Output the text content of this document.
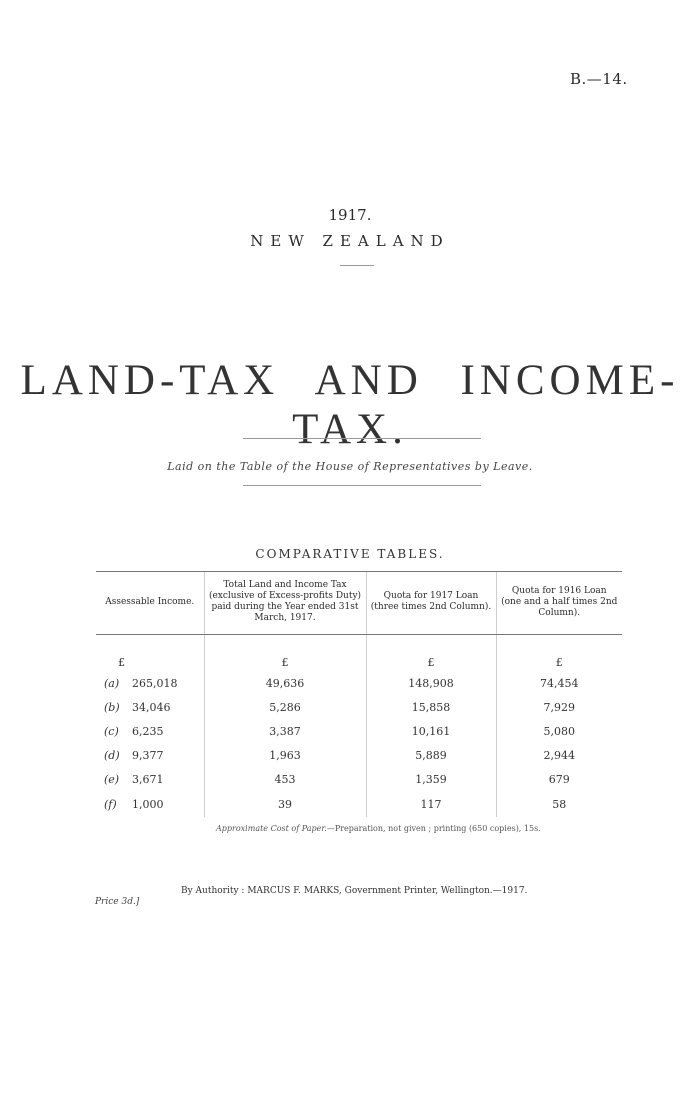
B.—14.
1917.
NEW ZEALAND
LAND-TAX AND INCOME-TAX.
Laid on the Table of the House of Representatives by Leave.
COMPARATIVE TABLES.
Assessable Income.	Total Land and Income Tax (exclusive of Excess-profits Duty) paid during the Year ended 31st March, 1917.	Quota for 1917 Loan (three times 2nd Column).	Quota for 1916 Loan (one and a half times 2nd Column).
£	£	£	£
(a) 265,018	49,636	148,908	74,454
(b) 34,046	5,286	15,858	7,929
(c) 6,235	3,387	10,161	5,080
(d) 9,377	1,963	5,889	2,944
(e) 3,671	453	1,359	679
(f) 1,000	39	117	58
Approximate Cost of Paper.—Preparation, not given ; printing (650 copies), 15s.
By Authority : MARCUS F. MARKS, Government Printer, Wellington.—1917.
Price 3d.]
